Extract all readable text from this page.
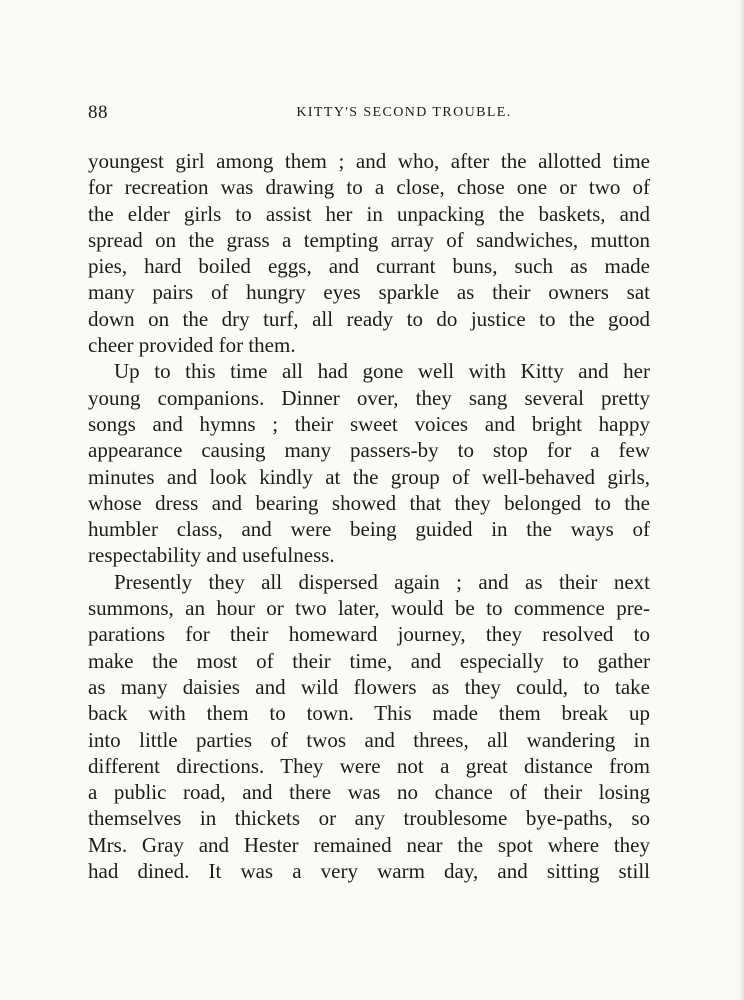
88	KITTY'S SECOND TROUBLE.
youngest girl among them ; and who, after the allotted time
for recreation was drawing to a close, chose one or two of
the elder girls to assist her in unpacking the baskets, and
spread on the grass a tempting array of sandwiches, mutton
pies, hard boiled eggs, and currant buns, such as made
many pairs of hungry eyes sparkle as their owners sat
down on the dry turf, all ready to do justice to the good
cheer provided for them.
Up to this time all had gone well with Kitty and her
young companions. Dinner over, they sang several pretty
songs and hymns ; their sweet voices and bright happy
appearance causing many passers-by to stop for a few
minutes and look kindly at the group of well-behaved girls,
whose dress and bearing showed that they belonged to the
humbler class, and were being guided in the ways of
respectability and usefulness.
Presently they all dispersed again ; and as their next
summons, an hour or two later, would be to commence pre-
parations for their homeward journey, they resolved to
make the most of their time, and especially to gather
as many daisies and wild flowers as they could, to take
back with them to town. This made them break up
into little parties of twos and threes, all wandering in
different directions. They were not a great distance from
a public road, and there was no chance of their losing
themselves in thickets or any troublesome bye-paths, so
Mrs. Gray and Hester remained near the spot where they
had dined. It was a very warm day, and sitting still
